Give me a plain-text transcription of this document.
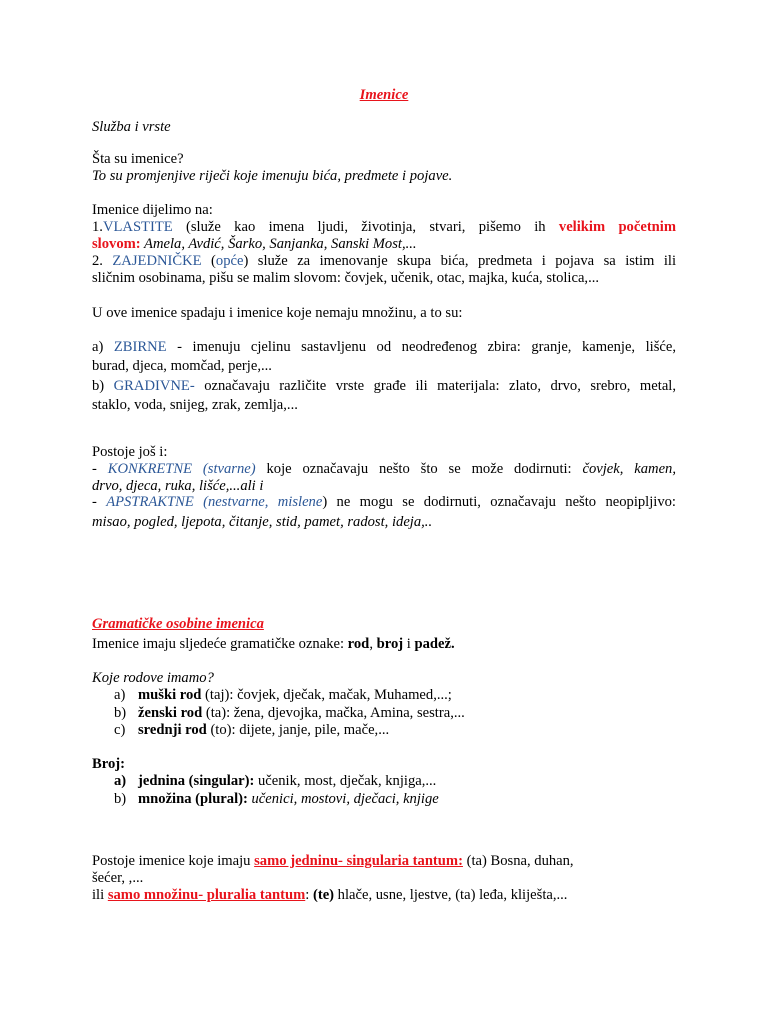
Imenice
Služba i vrste
Šta su imenice?
To su promjenjive riječi koje imenuju bića, predmete i pojave.
Imenice dijelimo na:
1.VLASTITE (služe kao imena ljudi, životinja, stvari, pišemo ih velikim početnim
slovom: Amela, Avdić, Šarko, Sanjanka, Sanski Most,...
2. ZAJEDNIČKE (opće) služe za imenovanje skupa bića, predmeta i pojava sa istim ili
sličnim osobinama, pišu se malim slovom: čovjek, učenik, otac, majka, kuća, stolica,...
U ove imenice spadaju i imenice koje nemaju množinu, a to su:
a) ZBIRNE - imenuju cjelinu sastavljenu od neodređenog zbira: granje, kamenje, lišće,
burad, djeca, momčad, perje,...
b) GRADIVNE- označavaju različite vrste građe ili materijala: zlato, drvo, srebro, metal,
staklo, voda, snijeg, zrak, zemlja,...
Postoje još i:
- KONKRETNE (stvarne) koje označavaju nešto što se može dodirnuti: čovjek, kamen,
drvo, djeca, ruka, lišće,...ali i
- APSTRAKTNE (nestvarne, mislene) ne mogu se dodirnuti, označavaju nešto neopipljivo:
misao, pogled, ljepota, čitanje, stid, pamet, radost, ideja,..
Gramatičke osobine imenica
Imenice imaju sljedeće gramatičke oznake: rod, broj i padež.
Koje rodove imamo?
a) muški rod (taj): čovjek, dječak, mačak, Muhamed,...;
b) ženski rod (ta): žena, djevojka, mačka, Amina, sestra,...
c) srednji rod (to): dijete, janje, pile, mače,...
Broj:
a) jednina (singular): učenik, most, dječak, knjiga,...
b) množina (plural): učenici, mostovi, dječaci, knjige
Postoje imenice koje imaju samo jedninu- singularia tantum: (ta) Bosna, duhan,
šećer, ,...
ili samo množinu- pluralia tantum: (te) hlače, usne, ljestve, (ta) leđa, kliješta,...
